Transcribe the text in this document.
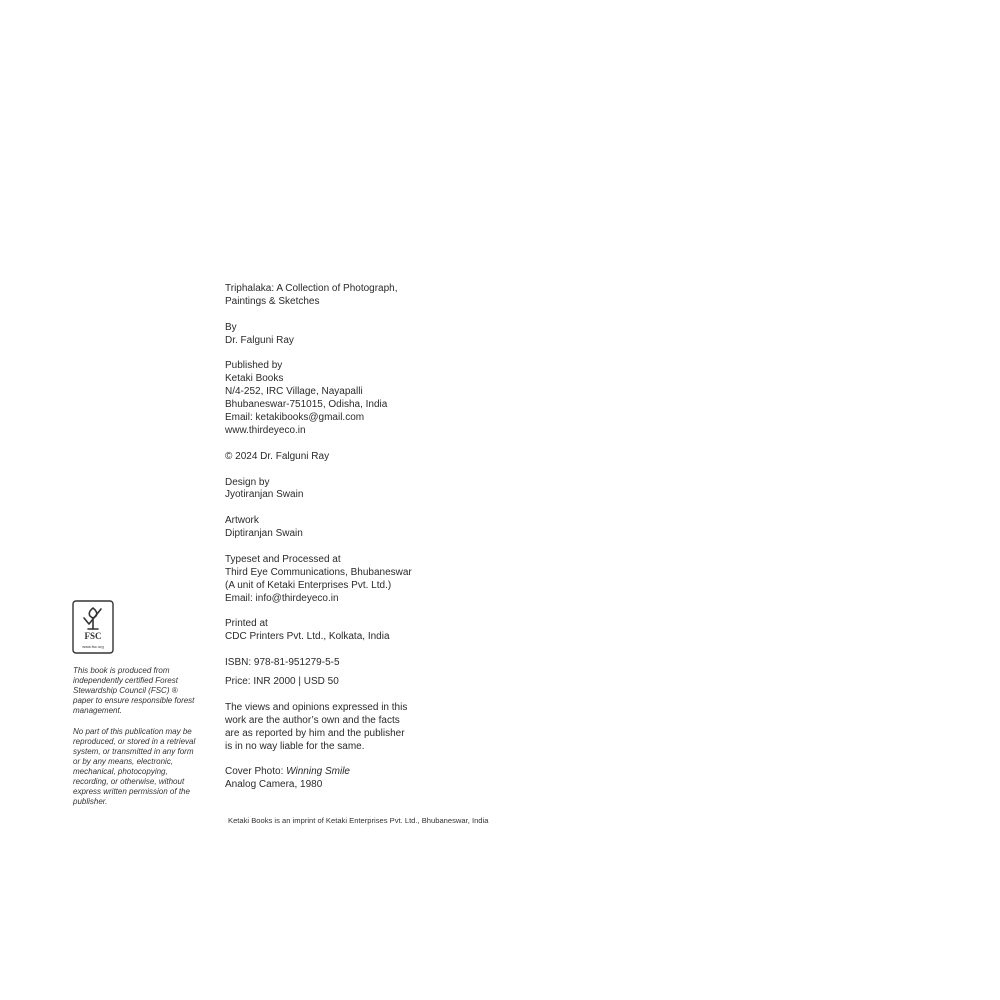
FSC
www.fsc.org

This book is produced from independently certified Forest Stewardship Council (FSC) ® paper to ensure responsible forest management.

No part of this publication may be reproduced, or stored in a retrieval system, or transmitted in any form or by any means, electronic, mechanical, photocopying, recording, or otherwise, without express written permission of the publisher.

Triphalaka: A Collection of Photograph,
Paintings & Sketches
By
Dr. Falguni Ray
Published by
Ketaki Books
N/4-252, IRC Village, Nayapalli
Bhubaneswar-751015, Odisha, India
Email: ketakibooks@gmail.com
www.thirdeyeco.in
© 2024 Dr. Falguni Ray
Design by
Jyotiranjan Swain
Artwork
Diptiranjan Swain
Typeset and Processed at
Third Eye Communications, Bhubaneswar
(A unit of Ketaki Enterprises Pvt. Ltd.)
Email: info@thirdeyeco.in
Printed at
CDC Printers Pvt. Ltd., Kolkata, India
ISBN: 978-81-951279-5-5
Price: INR 2000 | USD 50
The views and opinions expressed in this
work are the author’s own and the facts
are as reported by him and the publisher
is in no way liable for the same.
Cover Photo: Winning Smile
Analog Camera, 1980
Ketaki Books is an imprint of Ketaki Enterprises Pvt. Ltd., Bhubaneswar, India
